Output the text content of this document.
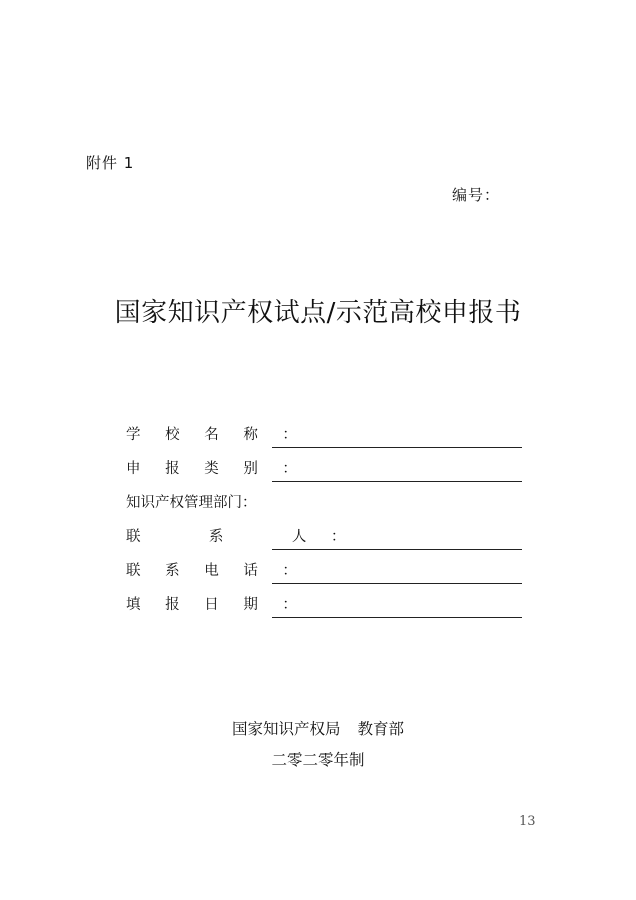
附件 1
编号：
国家知识产权试点/示范高校申报书
学 校 名 称 ：
申 报 类 别 ：
知识产权管理部门：
联    系    人 ：
联 系 电 话 ：
填 报 日 期 ：
国家知识产权局 教育部
二零二零年制
13
